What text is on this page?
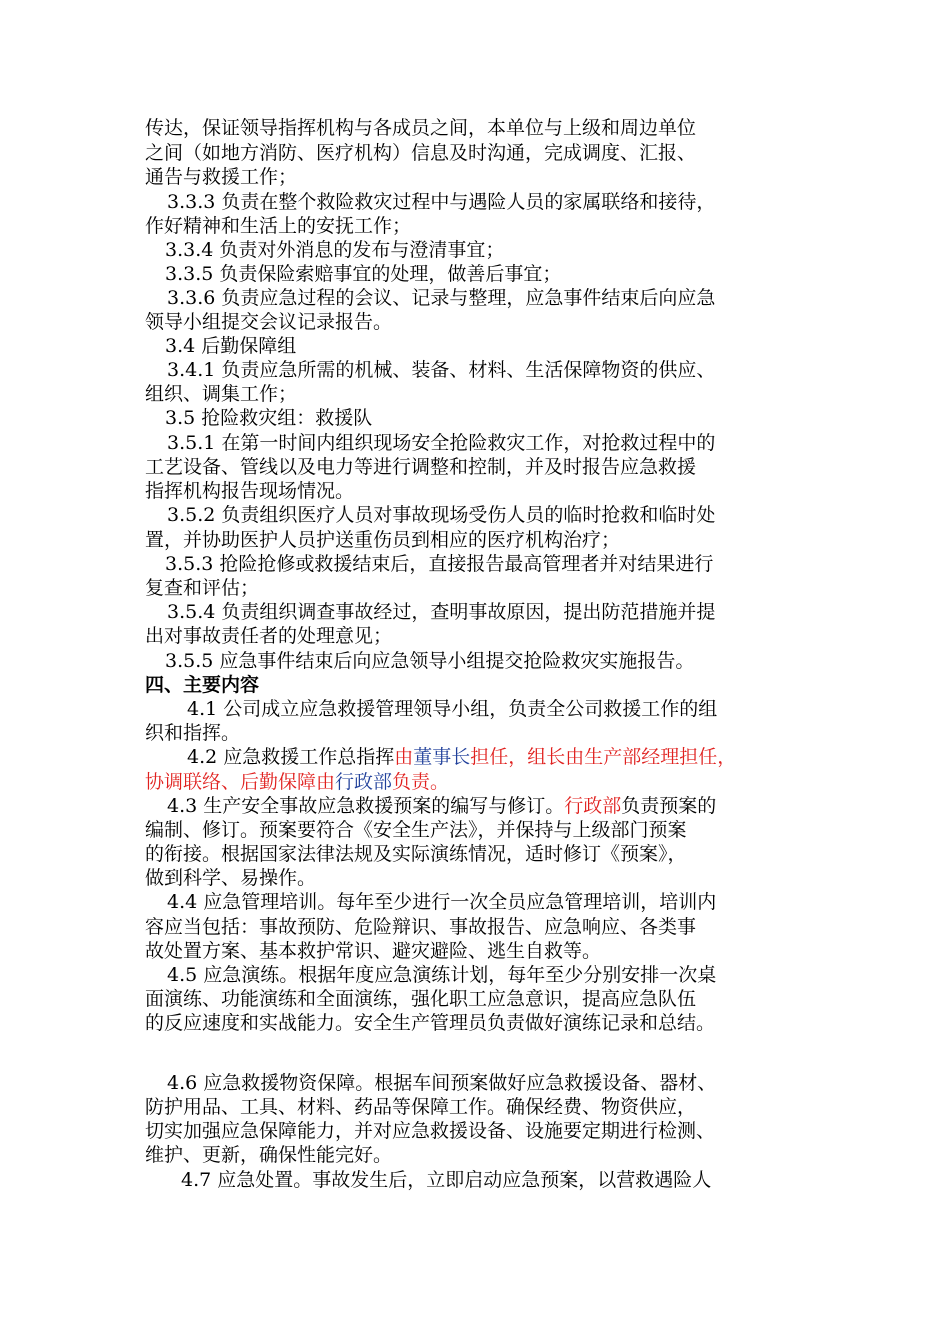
传达，保证领导指挥机构与各成员之间，本单位与上级和周边单位
之间（如地方消防、医疗机构）信息及时沟通，完成调度、汇报、
通告与救援工作；
3.3.3 负责在整个救险救灾过程中与遇险人员的家属联络和接待，
作好精神和生活上的安抚工作；
3.3.4 负责对外消息的发布与澄清事宜；
3.3.5 负责保险索赔事宜的处理，做善后事宜；
3.3.6 负责应急过程的会议、记录与整理，应急事件结束后向应急
领导小组提交会议记录报告。
3.4 后勤保障组
3.4.1 负责应急所需的机械、装备、材料、生活保障物资的供应、
组织、调集工作；
3.5 抢险救灾组：救援队
3.5.1 在第一时间内组织现场安全抢险救灾工作，对抢救过程中的
工艺设备、管线以及电力等进行调整和控制，并及时报告应急救援
指挥机构报告现场情况。
3.5.2 负责组织医疗人员对事故现场受伤人员的临时抢救和临时处
置，并协助医护人员护送重伤员到相应的医疗机构治疗；
3.5.3 抢险抢修或救援结束后，直接报告最高管理者并对结果进行
复查和评估；
3.5.4 负责组织调查事故经过，查明事故原因，提出防范措施并提
出对事故责任者的处理意见；
3.5.5 应急事件结束后向应急领导小组提交抢险救灾实施报告。
四、主要内容
4.1 公司成立应急救援管理领导小组，负责全公司救援工作的组
织和指挥。
4.2 应急救援工作总指挥由董事长担任，组长由生产部经理担任，
协调联络、后勤保障由行政部负责。
4.3 生产安全事故应急救援预案的编写与修订。行政部负责预案的
编制、修订。预案要符合《安全生产法》，并保持与上级部门预案
的衔接。根据国家法律法规及实际演练情况，适时修订《预案》，
做到科学、易操作。
4.4 应急管理培训。每年至少进行一次全员应急管理培训，培训内
容应当包括：事故预防、危险辩识、事故报告、应急响应、各类事
故处置方案、基本救护常识、避灾避险、逃生自救等。
4.5 应急演练。根据年度应急演练计划，每年至少分别安排一次桌
面演练、功能演练和全面演练，强化职工应急意识，提高应急队伍
的反应速度和实战能力。安全生产管理员负责做好演练记录和总结。
4.6 应急救援物资保障。根据车间预案做好应急救援设备、器材、
防护用品、工具、材料、药品等保障工作。确保经费、物资供应，
切实加强应急保障能力，并对应急救援设备、设施要定期进行检测、
维护、更新，确保性能完好。
4.7 应急处置。事故发生后，立即启动应急预案，以营救遇险人
